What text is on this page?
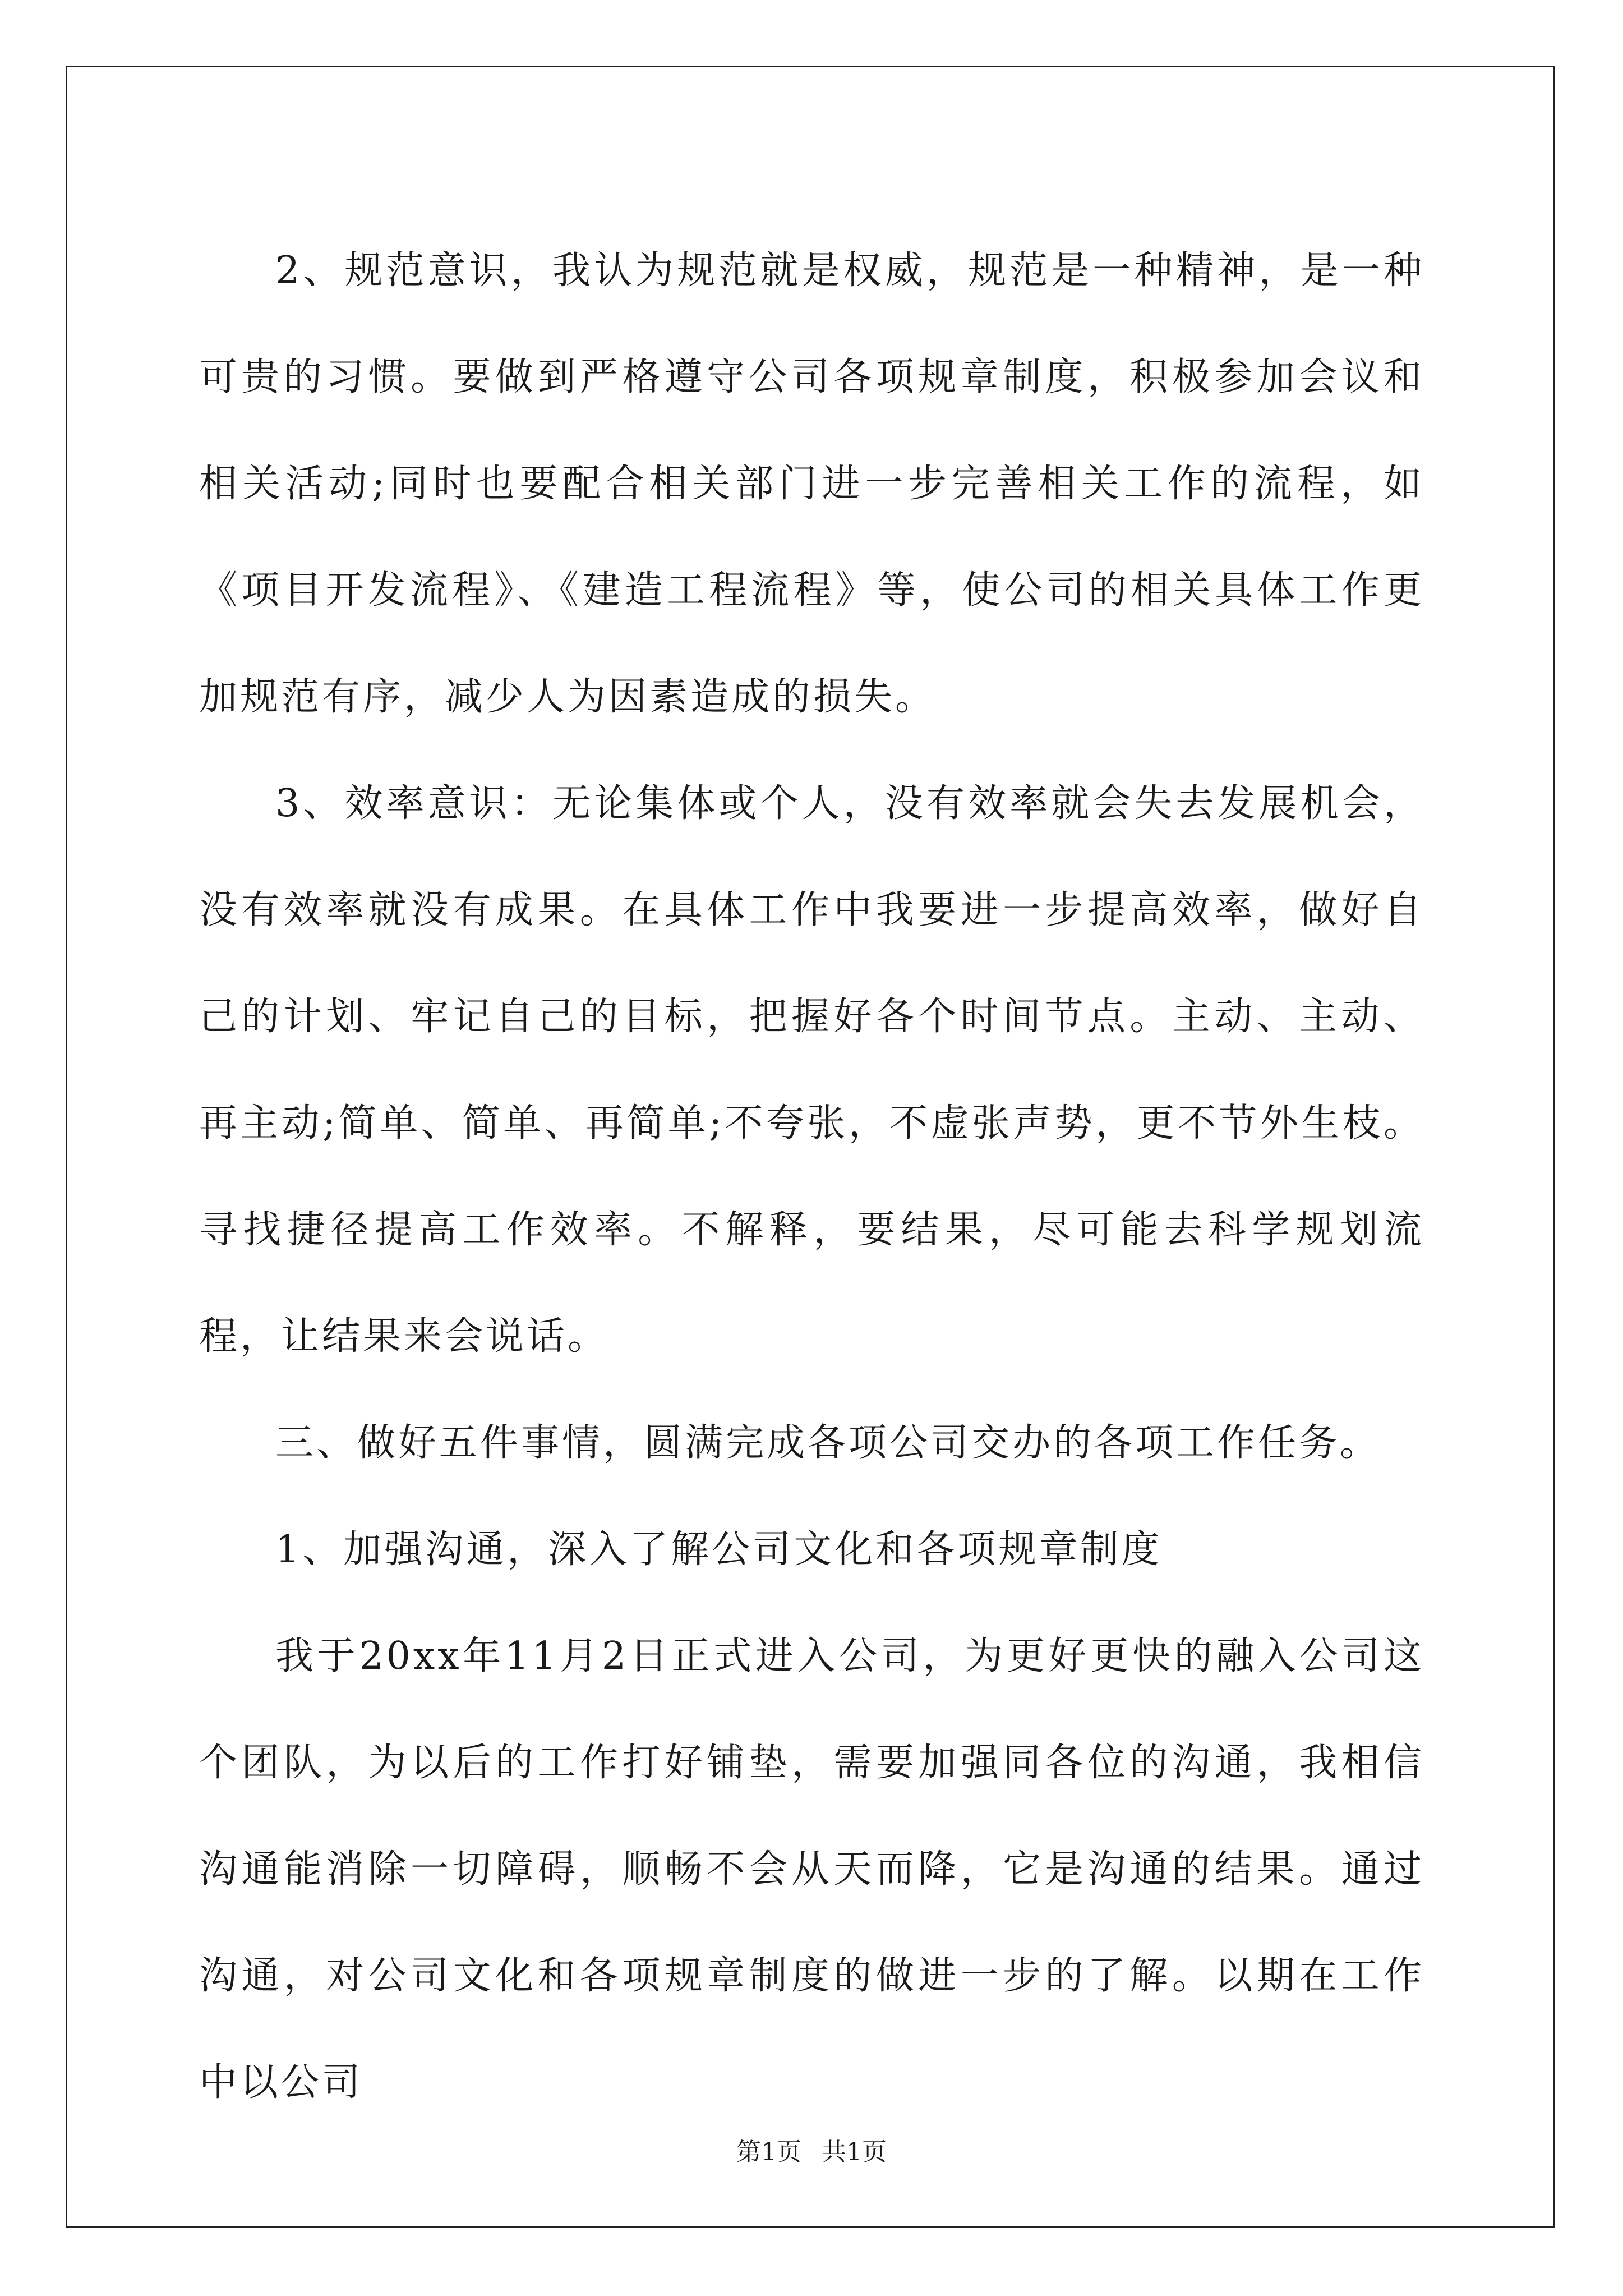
2、规范意识，我认为规范就是权威，规范是一种精神，是一种可贵的习惯。要做到严格遵守公司各项规章制度，积极参加会议和相关活动;同时也要配合相关部门进一步完善相关工作的流程，如《项目开发流程》、《建造工程流程》等，使公司的相关具体工作更加规范有序，减少人为因素造成的损失。

3、效率意识：无论集体或个人，没有效率就会失去发展机会，没有效率就没有成果。在具体工作中我要进一步提高效率，做好自己的计划、牢记自己的目标，把握好各个时间节点。主动、主动、再主动;简单、简单、再简单;不夸张，不虚张声势，更不节外生枝。 寻找捷径提高工作效率。不解释，要结果，尽可能去科学规划流程，让结果来会说话。

三、做好五件事情，圆满完成各项公司交办的各项工作任务。

1、加强沟通，深入了解公司文化和各项规章制度

我于20xx年11月2日正式进入公司，为更好更快的融入公司这个团队，为以后的工作打好铺垫，需要加强同各位的沟通，我相信沟通能消除一切障碍，顺畅不会从天而降，它是沟通的结果。通过沟通，对公司文化和各项规章制度的做进一步的了解。以期在工作中以公司

第1页 共1页
